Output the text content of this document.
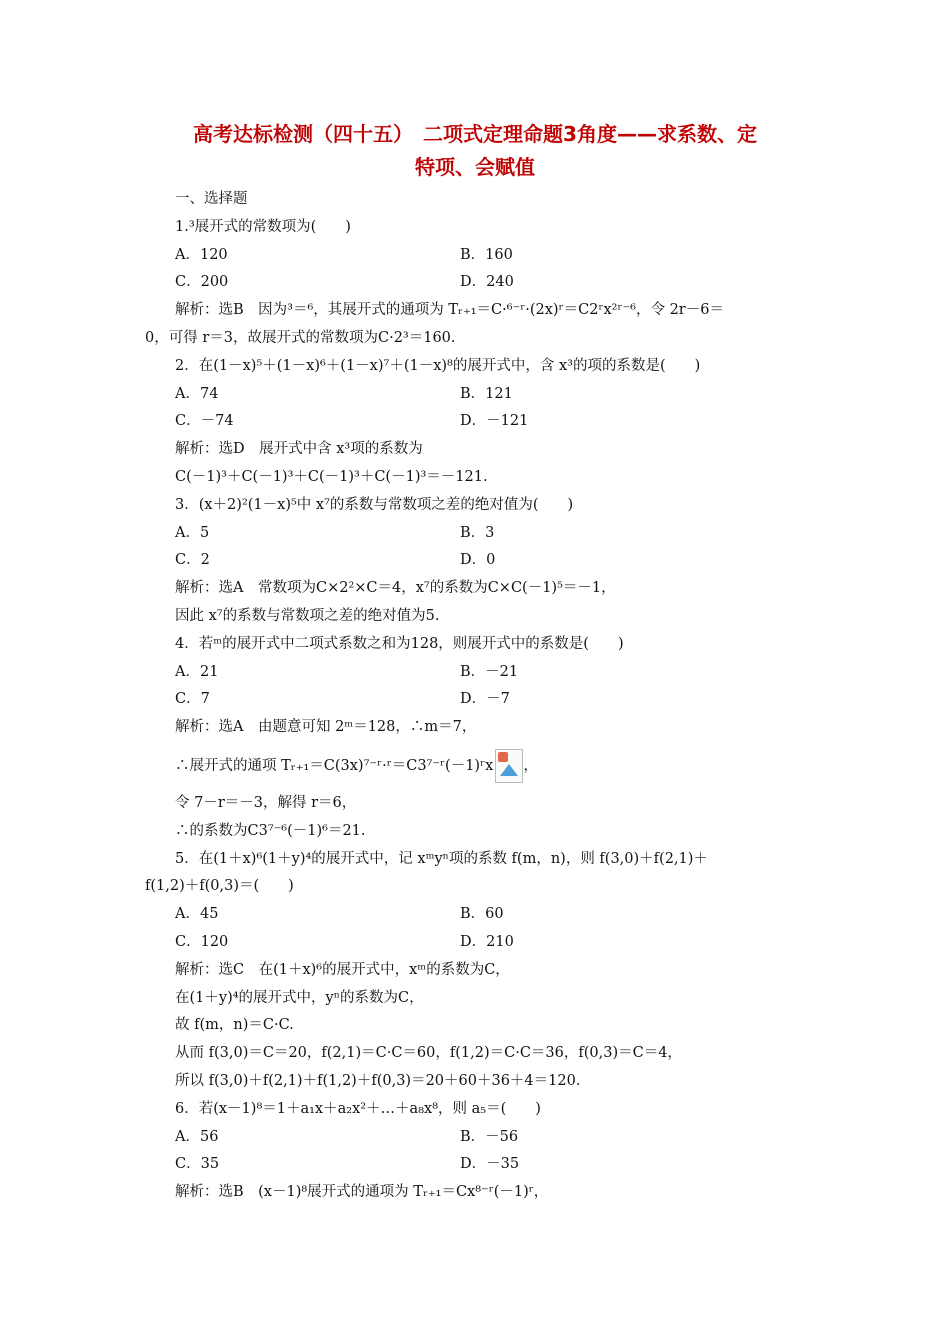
高考达标检测（四十五）　二项式定理命题3角度——求系数、定
特项、会赋值
一、选择题
1.³展开式的常数项为(　　)
A．120	B．160
C．200	D．240
解析：选B　因为³＝⁶，其展开式的通项为 Tᵣ₊₁＝C·⁶⁻ʳ·(2x)ʳ＝C2ʳx²ʳ⁻⁶，令 2r－6＝
0，可得 r＝3，故展开式的常数项为C·2³＝160.
2．在(1－x)⁵＋(1－x)⁶＋(1－x)⁷＋(1－x)⁸的展开式中，含 x³的项的系数是(　　)
A．74	B．121
C．－74	D．－121
解析：选D　展开式中含 x³项的系数为
C(－1)³＋C(－1)³＋C(－1)³＋C(－1)³＝－121.
3．(x＋2)²(1－x)⁵中 x⁷的系数与常数项之差的绝对值为(　　)
A．5	B．3
C．2	D．0
解析：选A　常数项为C×2²×C＝4，x⁷的系数为C×C(－1)⁵＝－1，
因此 x⁷的系数与常数项之差的绝对值为5.
4．若ᵐ的展开式中二项式系数之和为128，则展开式中的系数是(　　)
A．21	B．－21
C．7	D．－7
解析：选A　由题意可知 2ᵐ＝128，∴m＝7，
∴展开式的通项 Tᵣ₊₁＝C(3x)⁷⁻ʳ·ʳ＝C3⁷⁻ʳ(－1)ʳx ，
令 7－r＝－3，解得 r＝6，
∴的系数为C3⁷⁻⁶(－1)⁶＝21.
5．在(1＋x)⁶(1＋y)⁴的展开式中，记 xᵐyⁿ项的系数 f(m，n)，则 f(3,0)＋f(2,1)＋
f(1,2)＋f(0,3)＝(　　)
A．45	B．60
C．120	D．210
解析：选C　在(1＋x)⁶的展开式中，xᵐ的系数为C，
在(1＋y)⁴的展开式中，yⁿ的系数为C，
故 f(m，n)＝C·C.
从而 f(3,0)＝C＝20，f(2,1)＝C·C＝60，f(1,2)＝C·C＝36，f(0,3)＝C＝4，
所以 f(3,0)＋f(2,1)＋f(1,2)＋f(0,3)＝20＋60＋36＋4＝120.
6．若(x－1)⁸＝1＋a₁x＋a₂x²＋…＋a₈x⁸，则 a₅＝(　　)
A．56	B．－56
C．35	D．－35
解析：选B　(x－1)⁸展开式的通项为 Tᵣ₊₁＝Cx⁸⁻ʳ(－1)ʳ，
